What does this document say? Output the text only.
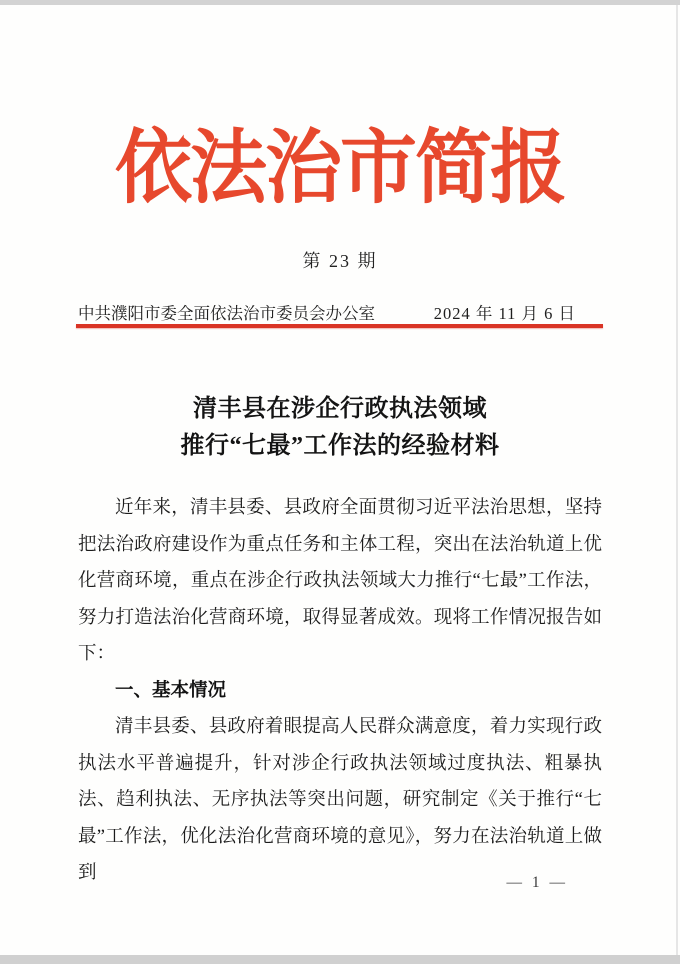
依法治市简报
第 23 期
中共濮阳市委全面依法治市委员会办公室	2024 年 11 月 6 日
清丰县在涉企行政执法领域
推行“七最”工作法的经验材料

近年来，清丰县委、县政府全面贯彻习近平法治思想，坚持把法治政府建设作为重点任务和主体工程，突出在法治轨道上优化营商环境，重点在涉企行政执法领域大力推行“七最”工作法，努力打造法治化营商环境，取得显著成效。现将工作情况报告如下：

一、基本情况

清丰县委、县政府着眼提高人民群众满意度，着力实现行政执法水平普遍提升，针对涉企行政执法领域过度执法、粗暴执法、趋利执法、无序执法等突出问题，研究制定《关于推行“七最”工作法，优化法治化营商环境的意见》，努力在法治轨道上做到	— 1 —
